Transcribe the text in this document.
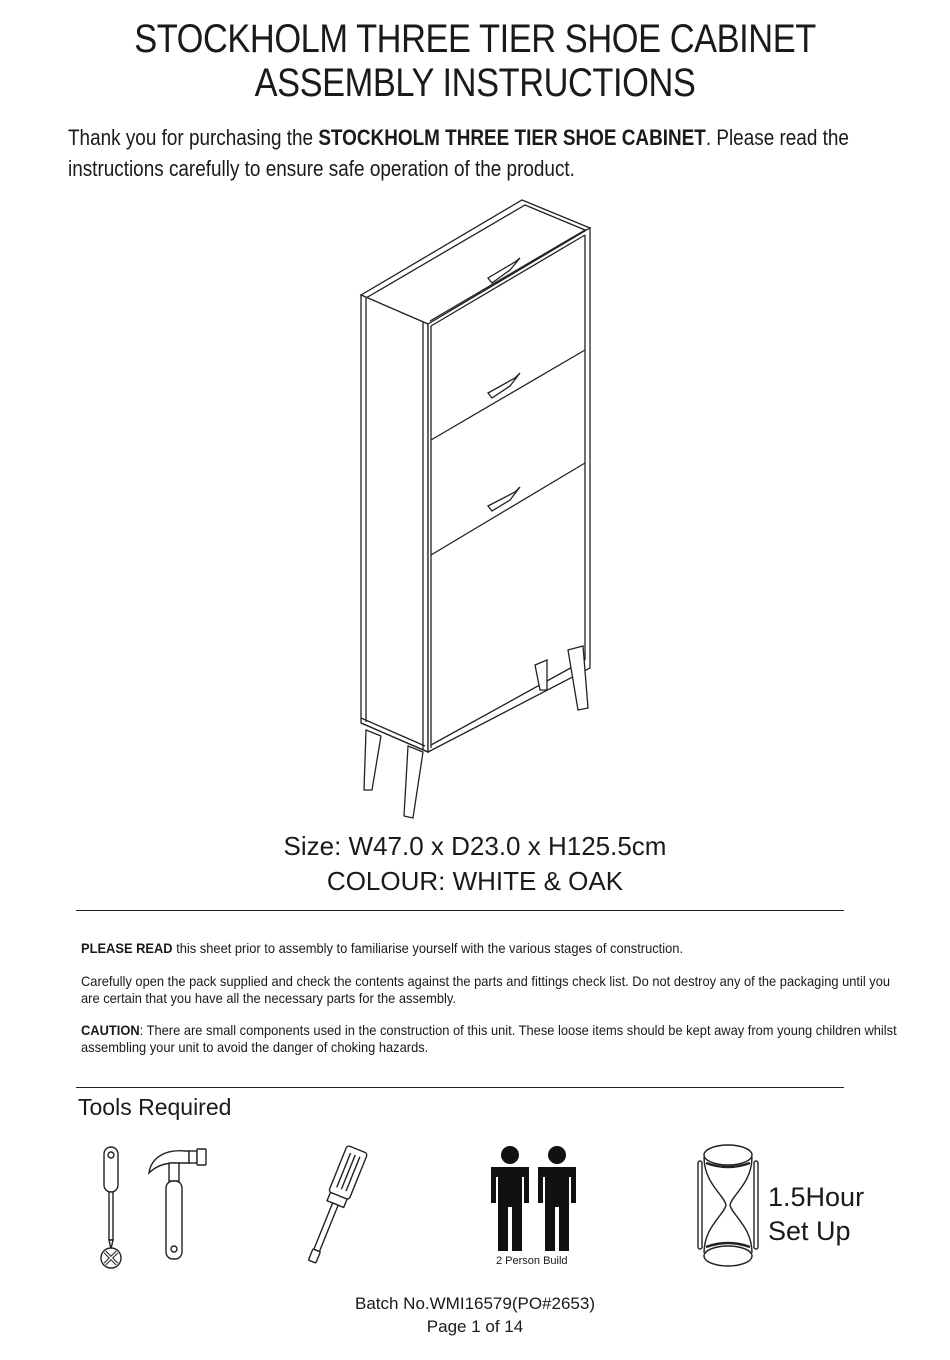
STOCKHOLM THREE TIER SHOE CABINET
ASSEMBLY INSTRUCTIONS
Thank you for purchasing the STOCKHOLM THREE TIER SHOE CABINET. Please read the instructions carefully to ensure safe operation of the product.
Size: W47.0 x D23.0 x H125.5cm
COLOUR: WHITE & OAK
PLEASE READ this sheet prior to assembly to familiarise yourself with the various stages of construction.
Carefully open the pack supplied and check the contents against the parts and fittings check list. Do not destroy any of the packaging until you are certain that you have all the necessary parts for the assembly.
CAUTION: There are small components used in the construction of this unit. These loose items should be kept away from young children whilst assembling your unit to avoid the danger of choking hazards.
Tools Required
2 Person Build
1.5Hour
Set Up
Batch No.WMI16579(PO#2653)
Page 1 of 14
